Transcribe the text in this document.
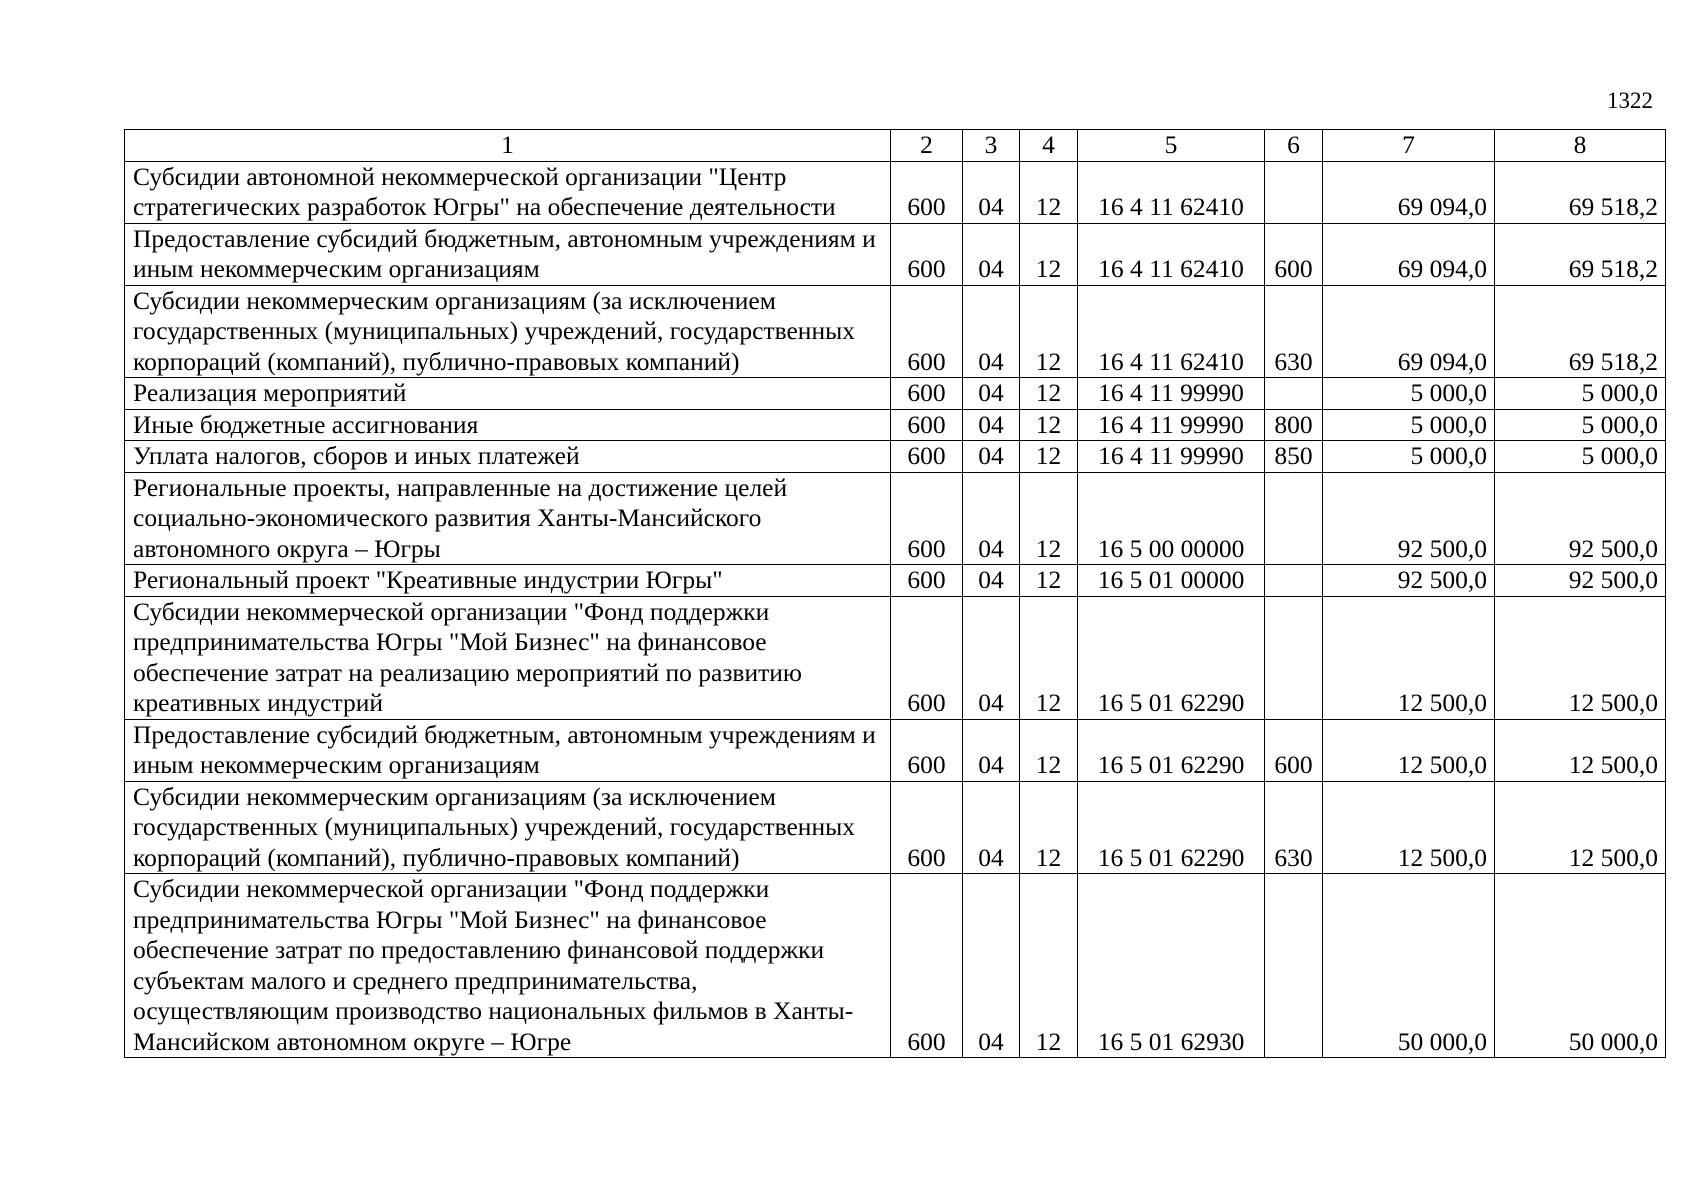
1322
1	2	3	4	5	6	7	8
Субсидии автономной некоммерческой организации "Центр стратегических разработок Югры" на обеспечение деятельности	600	04	12	16 4 11 62410		69 094,0	69 518,2
Предоставление субсидий бюджетным, автономным учреждениям и иным некоммерческим организациям	600	04	12	16 4 11 62410	600	69 094,0	69 518,2
Субсидии некоммерческим организациям (за исключением государственных (муниципальных) учреждений, государственных корпораций (компаний), публично-правовых компаний)	600	04	12	16 4 11 62410	630	69 094,0	69 518,2
Реализация мероприятий	600	04	12	16 4 11 99990		5 000,0	5 000,0
Иные бюджетные ассигнования	600	04	12	16 4 11 99990	800	5 000,0	5 000,0
Уплата налогов, сборов и иных платежей	600	04	12	16 4 11 99990	850	5 000,0	5 000,0
Региональные проекты, направленные на достижение целей социально-экономического развития Ханты-Мансийского автономного округа – Югры	600	04	12	16 5 00 00000		92 500,0	92 500,0
Региональный проект "Креативные индустрии Югры"	600	04	12	16 5 01 00000		92 500,0	92 500,0
Субсидии некоммерческой организации "Фонд поддержки предпринимательства Югры "Мой Бизнес" на финансовое обеспечение затрат на реализацию мероприятий по развитию креативных индустрий	600	04	12	16 5 01 62290		12 500,0	12 500,0
Предоставление субсидий бюджетным, автономным учреждениям и иным некоммерческим организациям	600	04	12	16 5 01 62290	600	12 500,0	12 500,0
Субсидии некоммерческим организациям (за исключением государственных (муниципальных) учреждений, государственных корпораций (компаний), публично-правовых компаний)	600	04	12	16 5 01 62290	630	12 500,0	12 500,0
Субсидии некоммерческой организации "Фонд поддержки предпринимательства Югры "Мой Бизнес" на финансовое обеспечение затрат по предоставлению финансовой поддержки субъектам малого и среднего предпринимательства, осуществляющим производство национальных фильмов в Ханты-Мансийском автономном округе – Югре	600	04	12	16 5 01 62930		50 000,0	50 000,0
